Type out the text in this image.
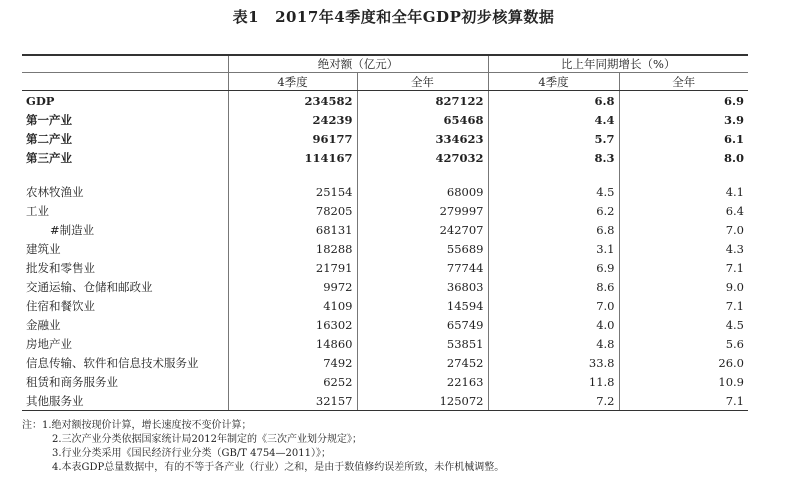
表1 2017年4季度和全年GDP初步核算数据
	绝对额（亿元）		比上年同期增长（%）	
	4季度	全年	4季度	全年
GDP	234582	827122	6.8	6.9
第一产业	24239	65468	4.4	3.9
第二产业	96177	334623	5.7	6.1
第三产业	114167	427032	8.3	8.0

农林牧渔业	25154	68009	4.5	4.1
工业	78205	279997	6.2	6.4
#制造业	68131	242707	6.8	7.0
建筑业	18288	55689	3.1	4.3
批发和零售业	21791	77744	6.9	7.1
交通运输、仓储和邮政业	9972	36803	8.6	9.0
住宿和餐饮业	4109	14594	7.0	7.1
金融业	16302	65749	4.0	4.5
房地产业	14860	53851	4.8	5.6
信息传输、软件和信息技术服务业	7492	27452	33.8	26.0
租赁和商务服务业	6252	22163	11.8	10.9
其他服务业	32157	125072	7.2	7.1
注：1.绝对额按现价计算，增长速度按不变价计算；
2.三次产业分类依据国家统计局2012年制定的《三次产业划分规定》；
3.行业分类采用《国民经济行业分类（GB/T 4754—2011）》；
4.本表GDP总量数据中，有的不等于各产业（行业）之和，是由于数值修约误差所致，未作机械调整。
